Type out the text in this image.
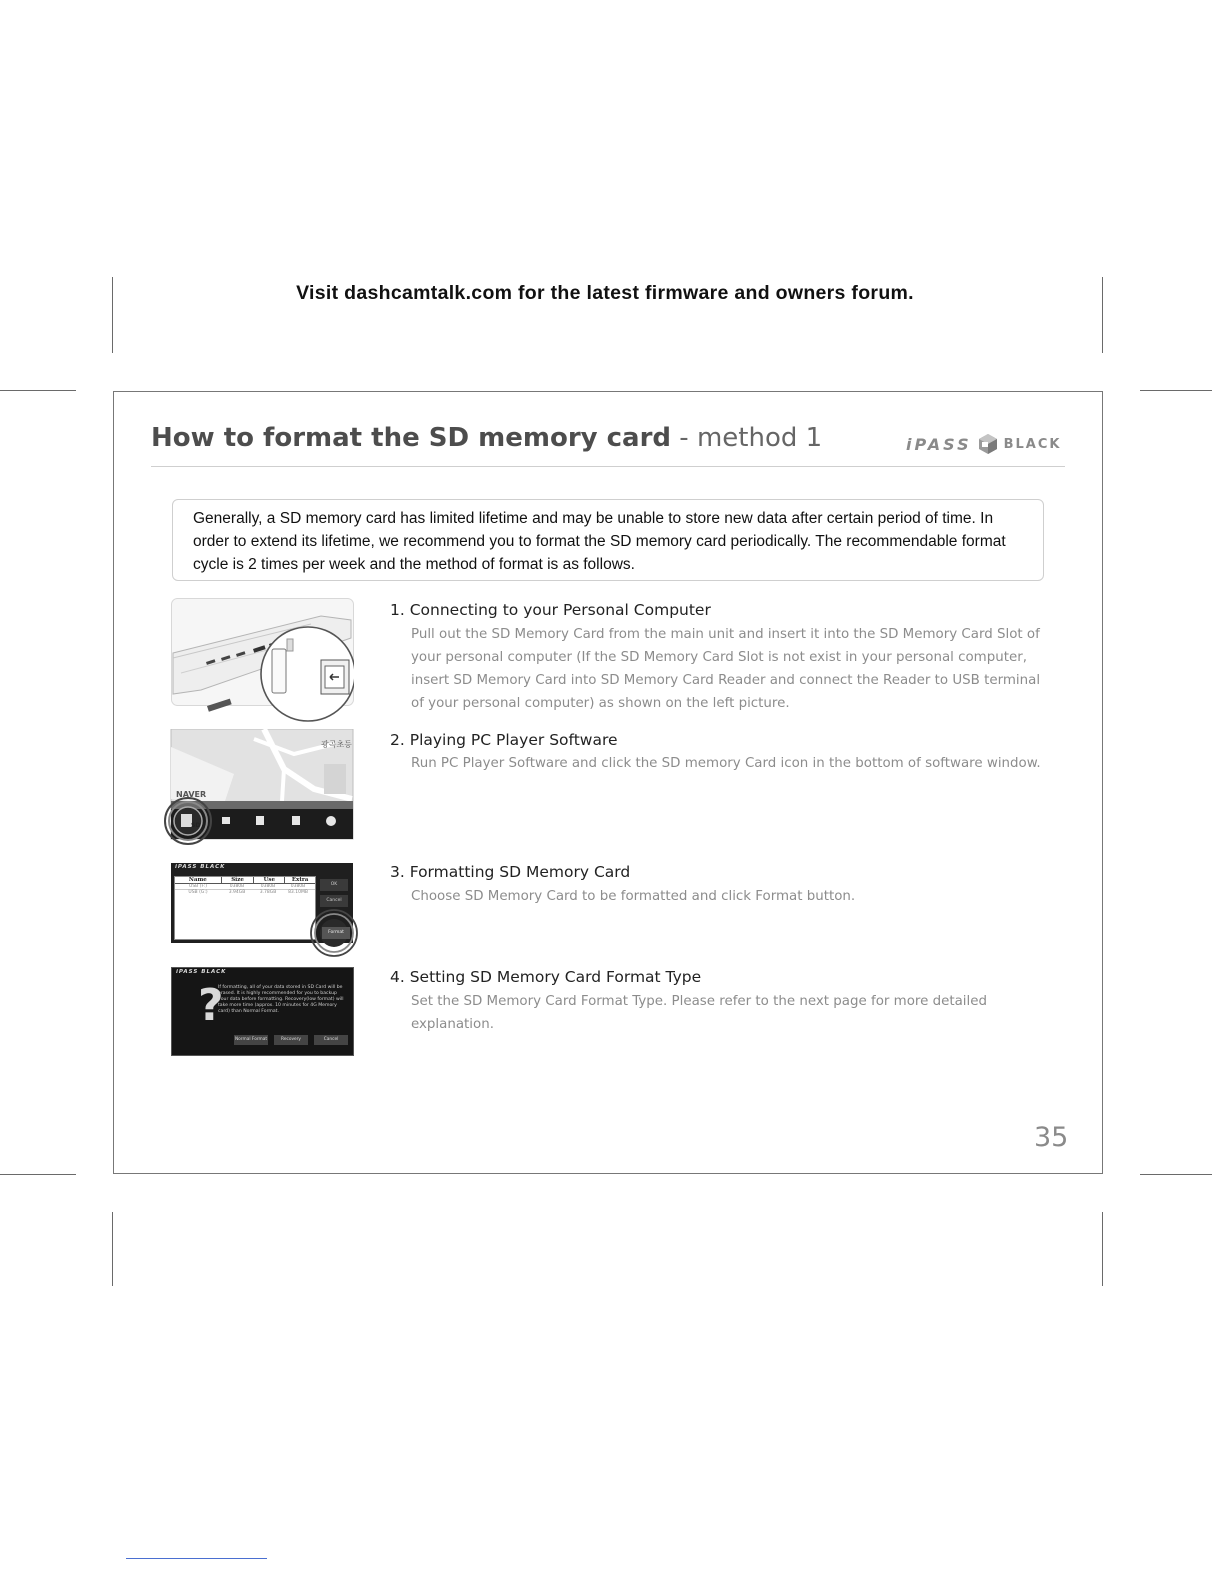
Visit dashcamtalk.com for the latest firmware and owners forum.
How to format the SD memory card - method 1	iPASS BLACK
Generally, a SD memory card has limited lifetime and may be unable to store new data after certain period of time. In order to extend its lifetime, we recommend you to format the SD memory card periodically. The recommendable format cycle is 2 times per week and the method of format is as follows.
NAVER
광곡초등
SD
iPASS BLACK
Name	Size	Use	Extra
USB (F:)	0380B	0380B	0380B
USB (G:)	3.94GB	3.78GB	83.10MB
OK
Cancel
Format
iPASS BLACK
?
If formatting, all of your data stored in SD Card will be erased. It is highly recommended for you to backup your data before formatting. Recovery(low format) will take more time (approx. 10 minutes for 4G Memory card) than Normal Format.
Normal Format	Recovery	Cancel
1. Connecting to your Personal Computer
Pull out the SD Memory Card from the main unit and insert it into the SD Memory Card Slot of your personal computer (If the SD Memory Card Slot is not exist in your personal computer, insert SD Memory Card into SD Memory Card Reader and connect the Reader to USB terminal of your personal computer) as shown on the left picture.
2. Playing PC Player Software
Run PC Player Software and click the SD memory Card icon in the bottom of software window.
3. Formatting SD Memory Card
Choose SD Memory Card to be formatted and click Format button.
4. Setting SD Memory Card Format Type
Set the SD Memory Card Format Type. Please refer to the next page for more detailed explanation.
35
